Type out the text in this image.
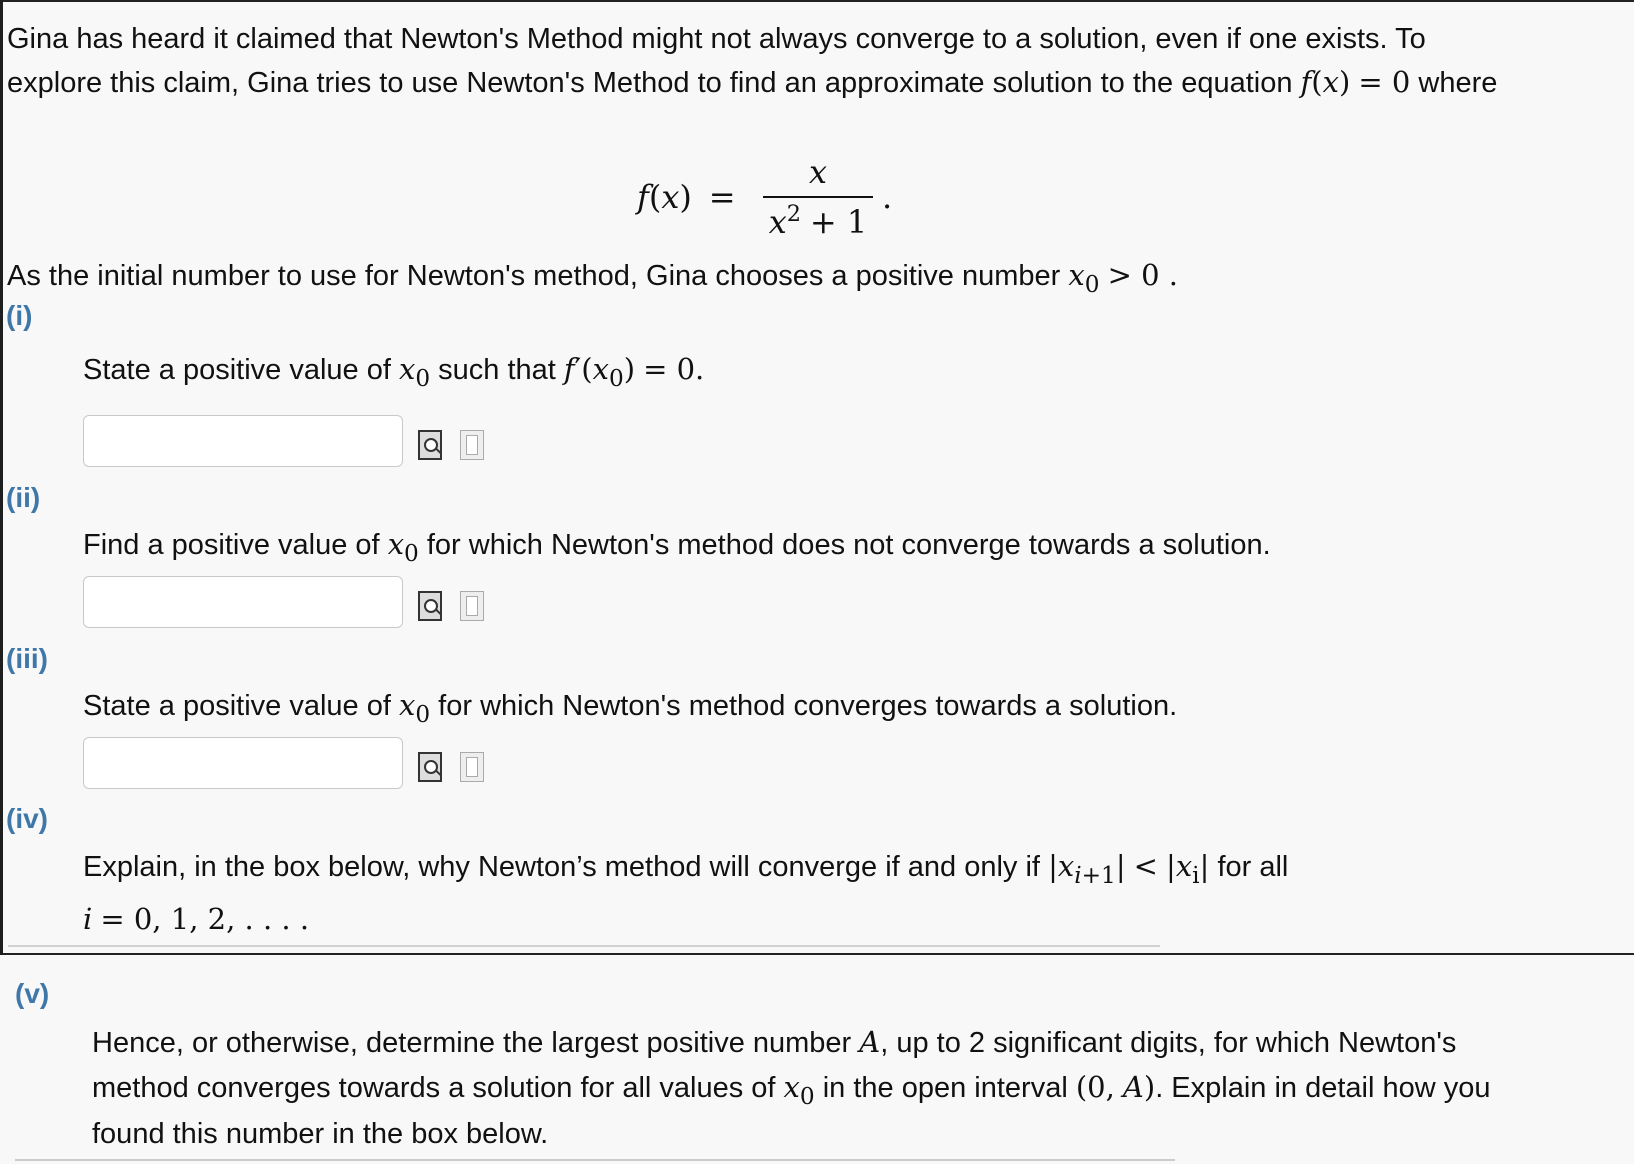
Gina has heard it claimed that Newton's Method might not always converge to a solution, even if one exists. To
explore this claim, Gina tries to use Newton's Method to find an approximate solution to the equation f(x) = 0 where
f(x) =
x
$x^2 + 1$
.
As the initial number to use for Newton's method, Gina chooses a positive number $x_0 > 0$ .
(i)
State a positive value of $x_0$ such that $f'(x_0) = 0$.
(ii)
Find a positive value of $x_0$ for which Newton's method does not converge towards a solution.
(iii)
State a positive value of $x_0$ for which Newton's method converges towards a solution.
(iv)
Explain, in the box below, why Newton’s method will converge if and only if $|x_{i+1}| < |x_i|$ for all
i = 0, 1, 2, . . . .
(v)
Hence, or otherwise, determine the largest positive number A, up to 2 significant digits, for which Newton's
method converges towards a solution for all values of $x_0$ in the open interval (0, A). Explain in detail how you
found this number in the box below.
